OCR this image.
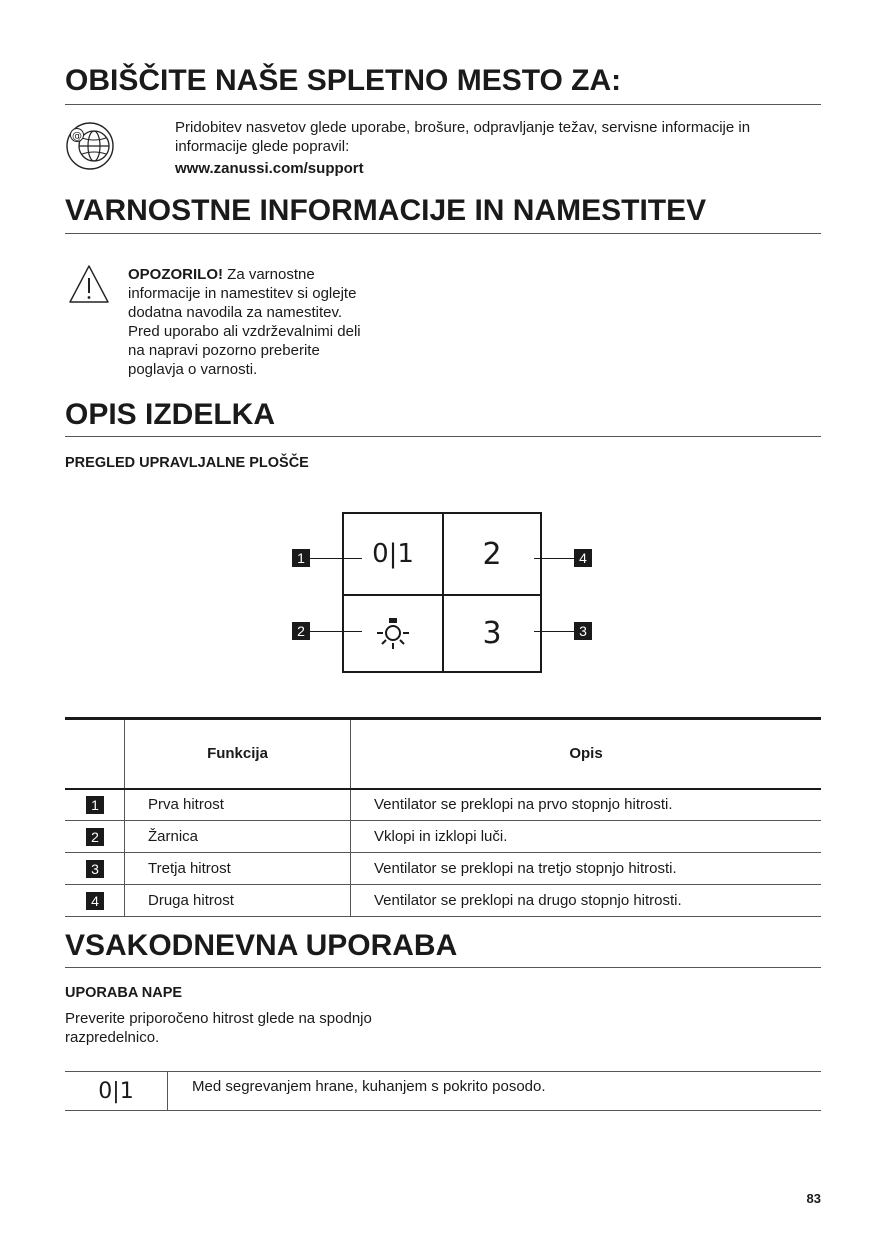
OBIŠČITE NAŠE SPLETNO MESTO ZA:
@
Pridobitev nasvetov glede uporabe, brošure, odpravljanje težav, servisne informacije in informacije glede popravil:
www.zanussi.com/support
VARNOSTNE INFORMACIJE IN NAMESTITEV
OPOZORILO! Za varnostne
informacije in namestitev si oglejte
dodatna navodila za namestitev.
Pred uporabo ali vzdrževalnimi deli
na napravi pozorno preberite
poglavja o varnosti.
OPIS IZDELKA
PREGLED UPRAVLJALNE PLOŠČE
0|1	2
3
1
2	3
4
	Funkcija	Opis

1	Prva hitrost	Ventilator se preklopi na prvo stopnjo hitrosti.

2	Žarnica	Vklopi in izklopi luči.

3	Tretja hitrost	Ventilator se preklopi na tretjo stopnjo hitrosti.

4	Druga hitrost	Ventilator se preklopi na drugo stopnjo hitrosti.
VSAKODNEVNA UPORABA
UPORABA NAPE
Preverite priporočeno hitrost glede na spodnjo
razpredelnico.
0|1	Med segrevanjem hrane, kuhanjem s pokrito posodo.
83
